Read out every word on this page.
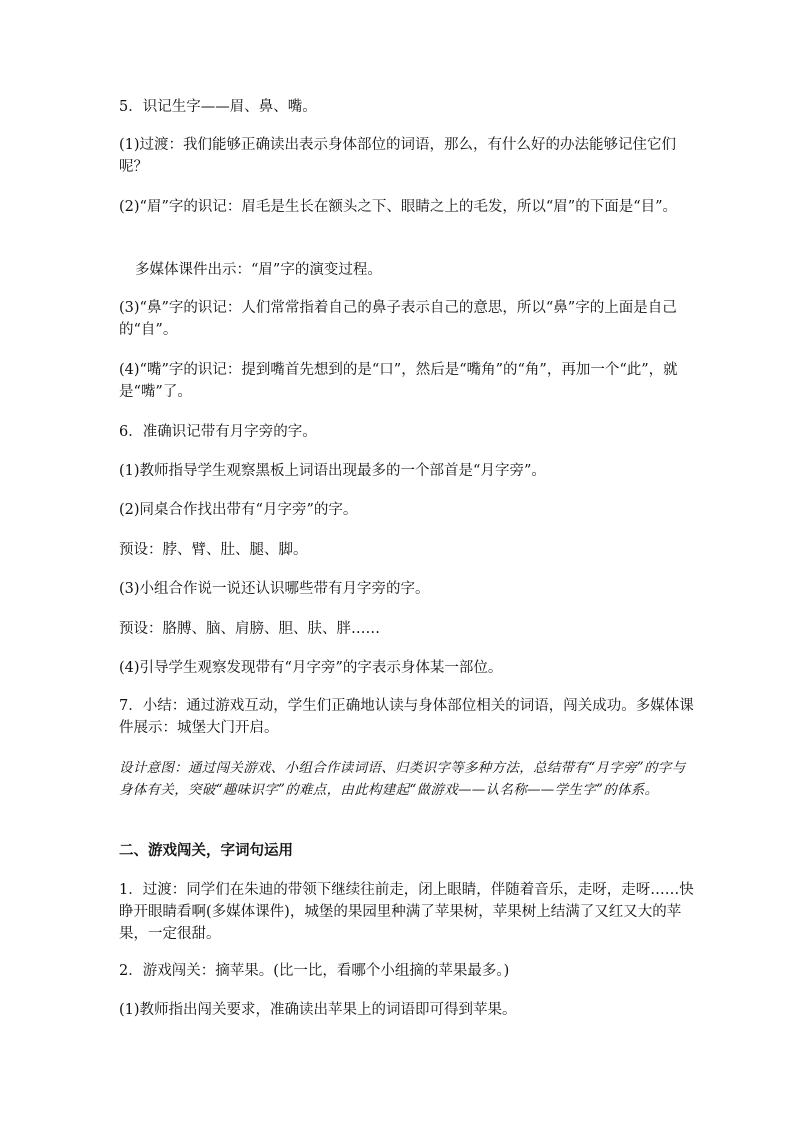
5．识记生字——眉、鼻、嘴。
(1)过渡：我们能够正确读出表示身体部位的词语，那么，有什么好的办法能够记住它们呢？
(2)“眉”字的识记：眉毛是生长在额头之下、眼睛之上的毛发，所以“眉”的下面是“目”。
多媒体课件出示：“眉”字的演变过程。
(3)“鼻”字的识记：人们常常指着自己的鼻子表示自己的意思，所以“鼻”字的上面是自己的“自”。
(4)“嘴”字的识记：提到嘴首先想到的是“口”，然后是“嘴角”的“角”，再加一个“此”，就是“嘴”了。
6．准确识记带有月字旁的字。
(1)教师指导学生观察黑板上词语出现最多的一个部首是“月字旁”。
(2)同桌合作找出带有“月字旁”的字。
预设：脖、臂、肚、腿、脚。
(3)小组合作说一说还认识哪些带有月字旁的字。
预设：胳膊、脑、肩膀、胆、肤、胖……
(4)引导学生观察发现带有“月字旁”的字表示身体某一部位。
7．小结：通过游戏互动，学生们正确地认读与身体部位相关的词语，闯关成功。多媒体课件展示：城堡大门开启。
设计意图：通过闯关游戏、小组合作读词语、归类识字等多种方法，总结带有“月字旁”的字与身体有关，突破“趣味识字”的难点，由此构建起“做游戏——认名称——学生字”的体系。
二、游戏闯关，字词句运用
1．过渡：同学们在朱迪的带领下继续往前走，闭上眼睛，伴随着音乐，走呀，走呀……快睁开眼睛看啊(多媒体课件)，城堡的果园里种满了苹果树，苹果树上结满了又红又大的苹果，一定很甜。
2．游戏闯关：摘苹果。(比一比，看哪个小组摘的苹果最多。)
(1)教师指出闯关要求，准确读出苹果上的词语即可得到苹果。
